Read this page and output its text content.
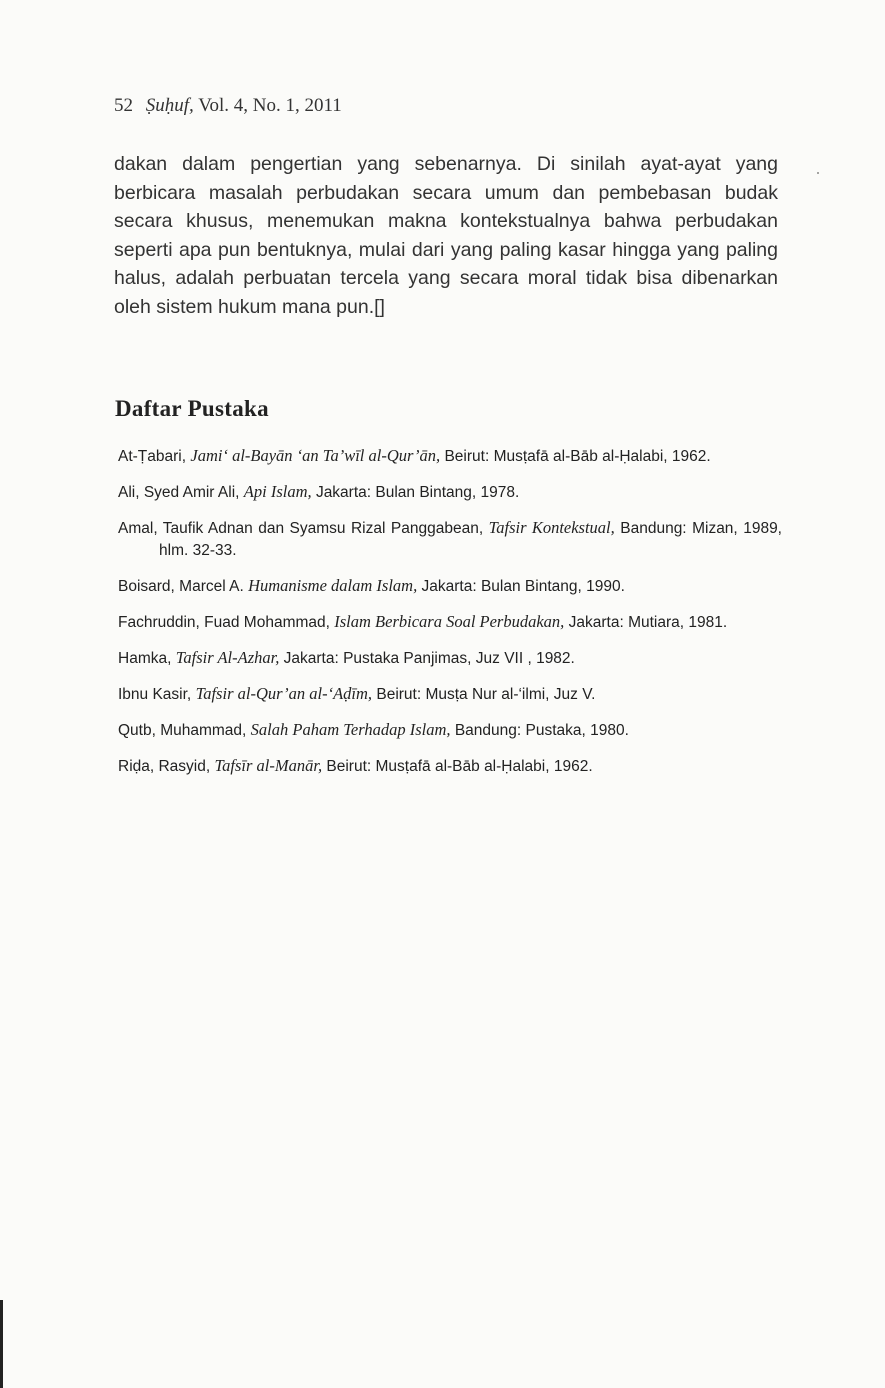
52 Ṣuḥuf, Vol. 4, No. 1, 2011

dakan dalam pengertian yang sebenarnya. Di sinilah ayat-ayat yang berbicara masalah perbudakan secara umum dan pembebasan budak secara khusus, menemukan makna kontekstualnya bahwa perbudakan seperti apa pun bentuknya, mulai dari yang paling kasar hingga yang paling halus, adalah perbuatan tercela yang secara moral tidak bisa dibenarkan oleh sistem hukum mana pun.[]

Daftar Pustaka
At-Ṭabari, Jami‘ al-Bayān ‘an Ta’wīl al-Qur’ān, Beirut: Musṭafā al-Bāb al-Ḥalabi, 1962.
Ali, Syed Amir Ali, Api Islam, Jakarta: Bulan Bintang, 1978.
Amal, Taufik Adnan dan Syamsu Rizal Panggabean, Tafsir Kontekstual, Bandung: Mizan, 1989, hlm. 32-33.
Boisard, Marcel A. Humanisme dalam Islam, Jakarta: Bulan Bintang, 1990.
Fachruddin, Fuad Mohammad, Islam Berbicara Soal Perbudakan, Jakarta: Mutiara, 1981.
Hamka, Tafsir Al-Azhar, Jakarta: Pustaka Panjimas, Juz VII , 1982.
Ibnu Kasir, Tafsir al-Qur’an al-‘Aḍīm, Beirut: Musṭa Nur al-‘ilmi, Juz V.
Qutb, Muhammad, Salah Paham Terhadap Islam, Bandung: Pustaka, 1980.
Riḍa, Rasyid, Tafsīr al-Manār, Beirut: Musṭafā al-Bāb al-Ḥalabi, 1962.
